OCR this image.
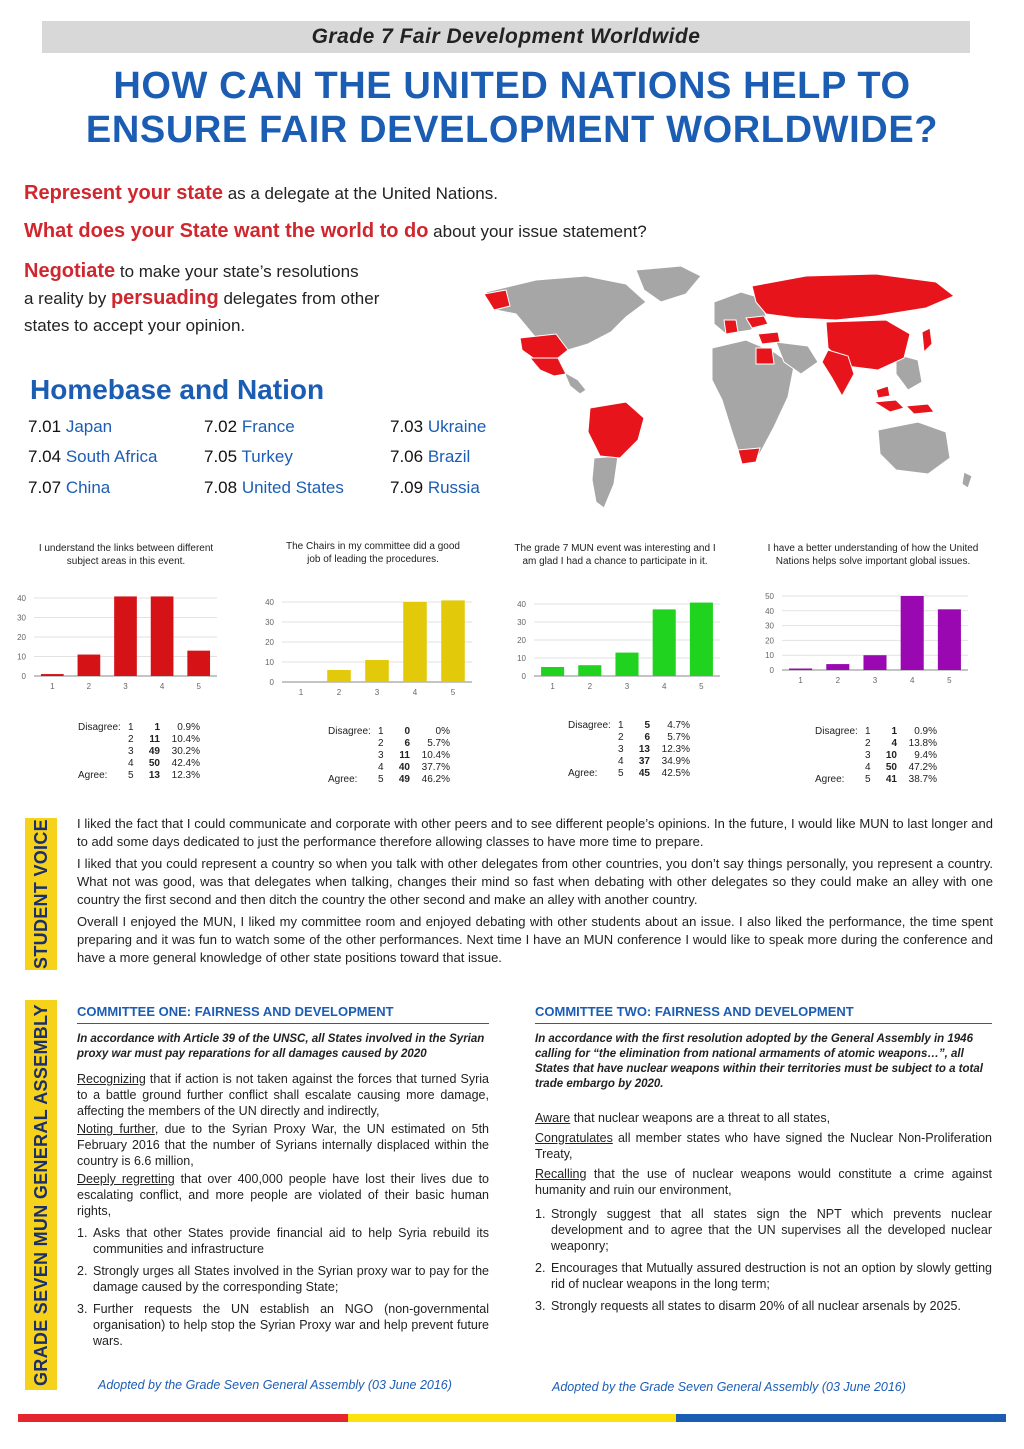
Grade 7 Fair Development Worldwide
HOW CAN THE UNITED NATIONS HELP TO
ENSURE FAIR DEVELOPMENT WORLDWIDE?
Represent your state as a delegate at the United Nations.
What does your State want the world to do about your issue statement?
Negotiate to make your state’s resolutions
a reality by persuading delegates from other
states to accept your opinion.
Homebase and Nation
7.01 Japan	7.02 France	7.03 Ukraine
7.04 South Africa	7.05 Turkey	7.06 Brazil
7.07 China	7.08 United States	7.09 Russia
I understand the links between different subject areas in this event.
0
10
20
30
40
1	2	3	4	5
Disagree: 1	1	0.9%
2	11	10.4%
3	49	30.2%
4	50	42.4%
Agree:	5	13	12.3%
The Chairs in my committee did a good job of leading the procedures.
0
10
20
30
40
1	2	3	4	5
Disagree: 1	0	0%
2	6	5.7%
3	11	10.4%
4	40	37.7%
Agree:	5	49	46.2%
The grade 7 MUN event was interesting and I am glad I had a chance to participate in it.
0
10
20
30
40
1	2	3	4	5
Disagree: 1	5	4.7%
2	6	5.7%
3	13	12.3%
4	37	34.9%
Agree:	5	45	42.5%
I have a better understanding of how the United Nations helps solve important global issues.
0
10
20
30
40
50
1	2	3	4	5
Disagree: 1	1	0.9%
2	4	13.8%
3	10	9.4%
4	50	47.2%
Agree:	5	41	38.7%
STUDENT VOICE I liked the fact that I could communicate and corporate with other peers and to see different people’s opinions. In the future, I would like MUN to last longer and to add some days dedicated to just the performance therefore allowing classes to have more time to prepare.

I liked that you could represent a country so when you talk with other delegates from other countries, you don’t say things personally, you represent a country. What not was good, was that delegates when talking, changes their mind so fast when debating with other delegates so they could make an alley with one country the first second and then ditch the country the other second and make an alley with another country.

Overall I enjoyed the MUN, I liked my committee room and enjoyed debating with other students about an issue. I also liked the performance, the time spent preparing and it was fun to watch some of the other performances. Next time I have an MUN conference I would like to speak more during the conference and have a more general knowledge of other state positions toward that issue.

GRADE SEVEN MUN GENERAL ASSEMBLY COMMITTEE ONE: FAIRNESS AND DEVELOPMENT
In accordance with Article 39 of the UNSC, all States involved in the Syrian proxy war must pay reparations for all damages caused by 2020

Recognizing that if action is not taken against the forces that turned Syria to a battle ground further conflict shall escalate causing more damage, affecting the members of the UN directly and indirectly,

Noting further, due to the Syrian Proxy War, the UN estimated on 5th February 2016 that the number of Syrians internally displaced within the country is 6.6 million,

Deeply regretting that over 400,000 people have lost their lives due to escalating conflict, and more people are violated of their basic human rights,

1. Asks that other States provide financial aid to help Syria rebuild its communities and infrastructure
2. Strongly urges all States involved in the Syrian proxy war to pay for the damage caused by the corresponding State;
3. Further requests the UN establish an NGO (non-governmental organisation) to help stop the Syrian Proxy war and help prevent future wars.
Adopted by the Grade Seven General Assembly (03 June 2016)
COMMITTEE TWO: FAIRNESS AND DEVELOPMENT
In accordance with the first resolution adopted by the General Assembly in 1946 calling for “the elimination from national armaments of atomic weapons…”, all States that have nuclear weapons within their territories must be subject to a total trade embargo by 2020.

Aware that nuclear weapons are a threat to all states,

Congratulates all member states who have signed the Nuclear Non-Proliferation Treaty,

Recalling that the use of nuclear weapons would constitute a crime against humanity and ruin our environment,

1. Strongly suggest that all states sign the NPT which prevents nuclear development and to agree that the UN supervises all the developed nuclear weaponry;
2. Encourages that Mutually assured destruction is not an option by slowly getting rid of nuclear weapons in the long term;
3. Strongly requests all states to disarm 20% of all nuclear arsenals by 2025.
Adopted by the Grade Seven General Assembly (03 June 2016)
